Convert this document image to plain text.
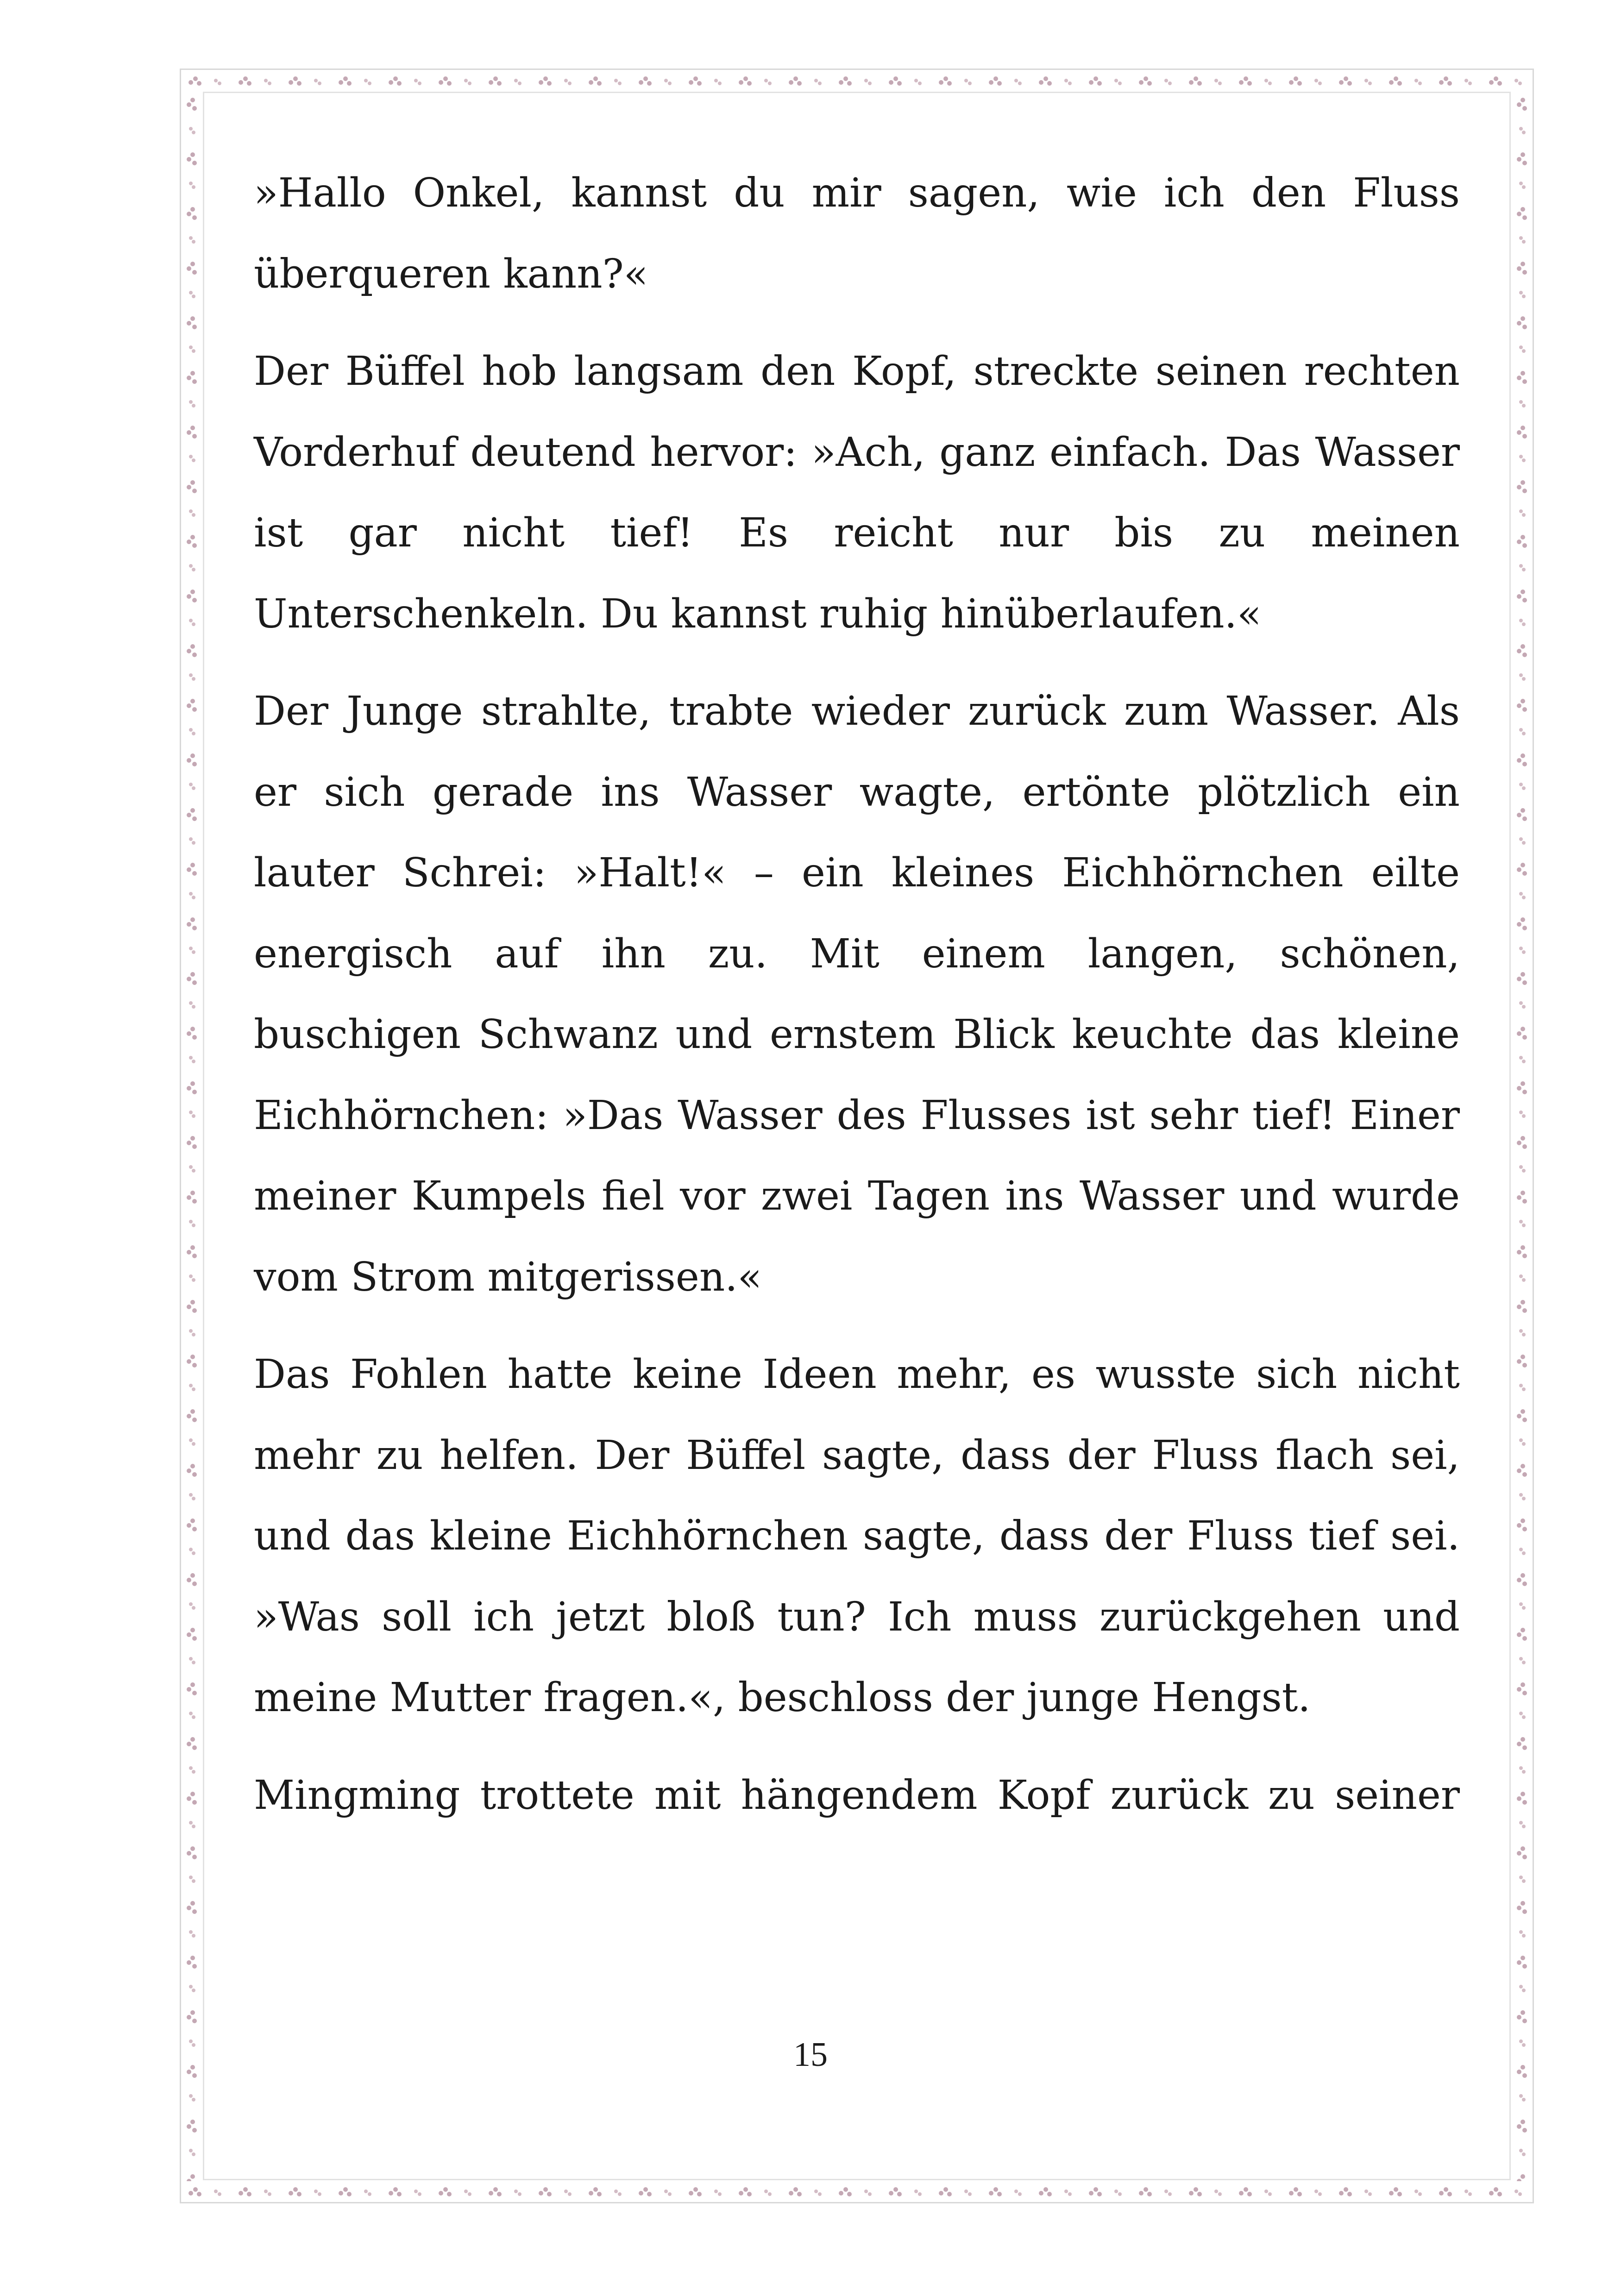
»Hallo Onkel, kannst du mir sagen, wie ich den Fluss überqueren kann?«

Der Büffel hob langsam den Kopf, streckte seinen rechten Vorderhuf deutend hervor: »Ach, ganz einfach. Das Wasser ist gar nicht tief! Es reicht nur bis zu meinen Unterschenkeln. Du kannst ruhig hinüberlaufen.«

Der Junge strahlte, trabte wieder zurück zum Wasser. Als er sich gerade ins Wasser wagte, ertönte plötzlich ein lauter Schrei: »Halt!« – ein kleines Eichhörnchen eilte energisch auf ihn zu. Mit einem langen, schönen, buschigen Schwanz und ernstem Blick keuchte das kleine Eichhörnchen: »Das Wasser des Flusses ist sehr tief! Einer meiner Kumpels fiel vor zwei Tagen ins Wasser und wurde vom Strom mitgerissen.«

Das Fohlen hatte keine Ideen mehr, es wusste sich nicht mehr zu helfen. Der Büffel sagte, dass der Fluss flach sei, und das kleine Eichhörnchen sagte, dass der Fluss tief sei. »Was soll ich jetzt bloß tun? Ich muss zurückgehen und meine Mutter fragen.«, beschloss der junge Hengst.

Mingming trottete mit hängendem Kopf zurück zu seiner

15
